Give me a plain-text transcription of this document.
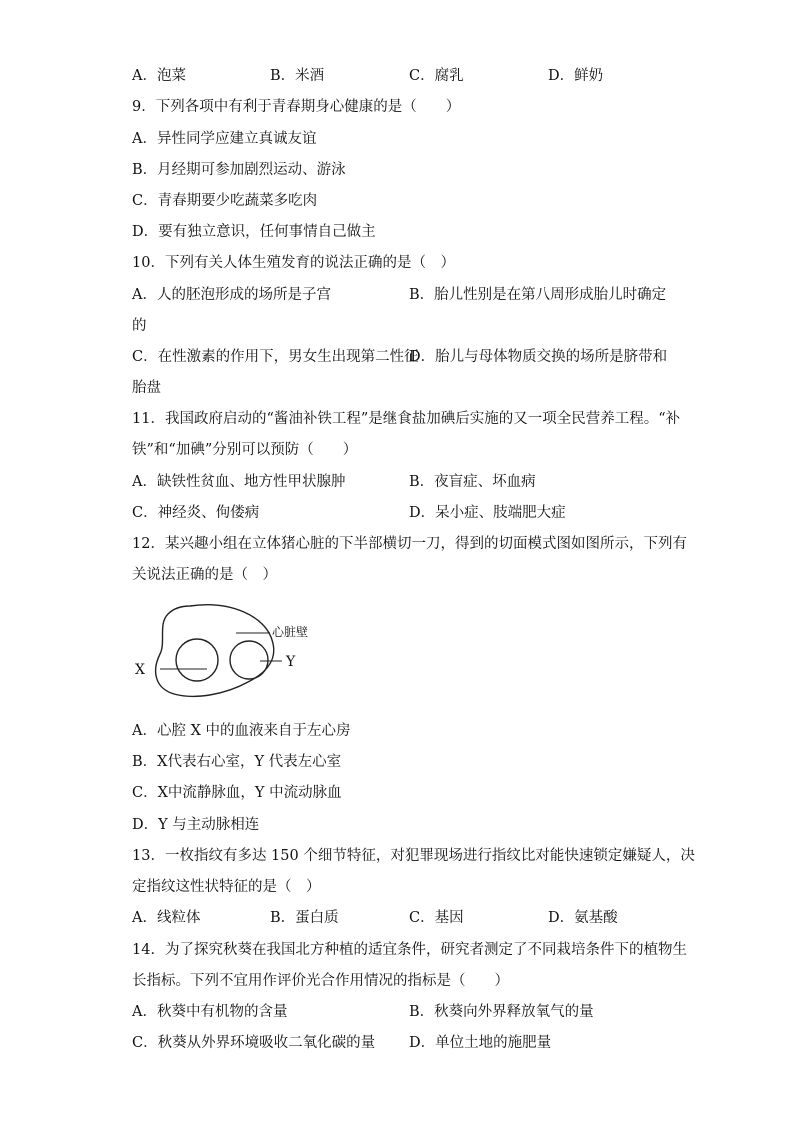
A．泡菜	B．米酒	C．腐乳	D．鲜奶
9．下列各项中有利于青春期身心健康的是（　　）
A．异性同学应建立真诚友谊
B．月经期可参加剧烈运动、游泳
C．青春期要少吃蔬菜多吃肉
D．要有独立意识，任何事情自己做主
10．下列有关人体生殖发育的说法正确的是（　）
A．人的胚泡形成的场所是子宫	B．胎儿性别是在第八周形成胎儿时确定
的
C．在性激素的作用下，男女生出现第二性征
D．胎儿与母体物质交换的场所是脐带和
胎盘
11．我国政府启动的“酱油补铁工程”是继食盐加碘后实施的又一项全民营养工程。“补
铁”和“加碘”分别可以预防（　　）
A．缺铁性贫血、地方性甲状腺肿	B．夜盲症、坏血病
C．神经炎、佝偻病	D．呆小症、肢端肥大症
12．某兴趣小组在立体猪心脏的下半部横切一刀，得到的切面模式图如图所示，下列有
关说法正确的是（　）
心脏壁
X	Y
A．心腔 X 中的血液来自于左心房
B．X代表右心室，Y 代表左心室
C．X中流静脉血，Y 中流动脉血
D．Y 与主动脉相连
13．一枚指纹有多达 150 个细节特征，对犯罪现场进行指纹比对能快速锁定嫌疑人，决
定指纹这性状特征的是（　）
A．线粒体	B．蛋白质	C．基因	D．氨基酸
14．为了探究秋葵在我国北方种植的适宜条件，研究者测定了不同栽培条件下的植物生
长指标。下列不宜用作评价光合作用情况的指标是（　　）
A．秋葵中有机物的含量	B．秋葵向外界释放氧气的量
C．秋葵从外界环境吸收二氧化碳的量 D．单位土地的施肥量
